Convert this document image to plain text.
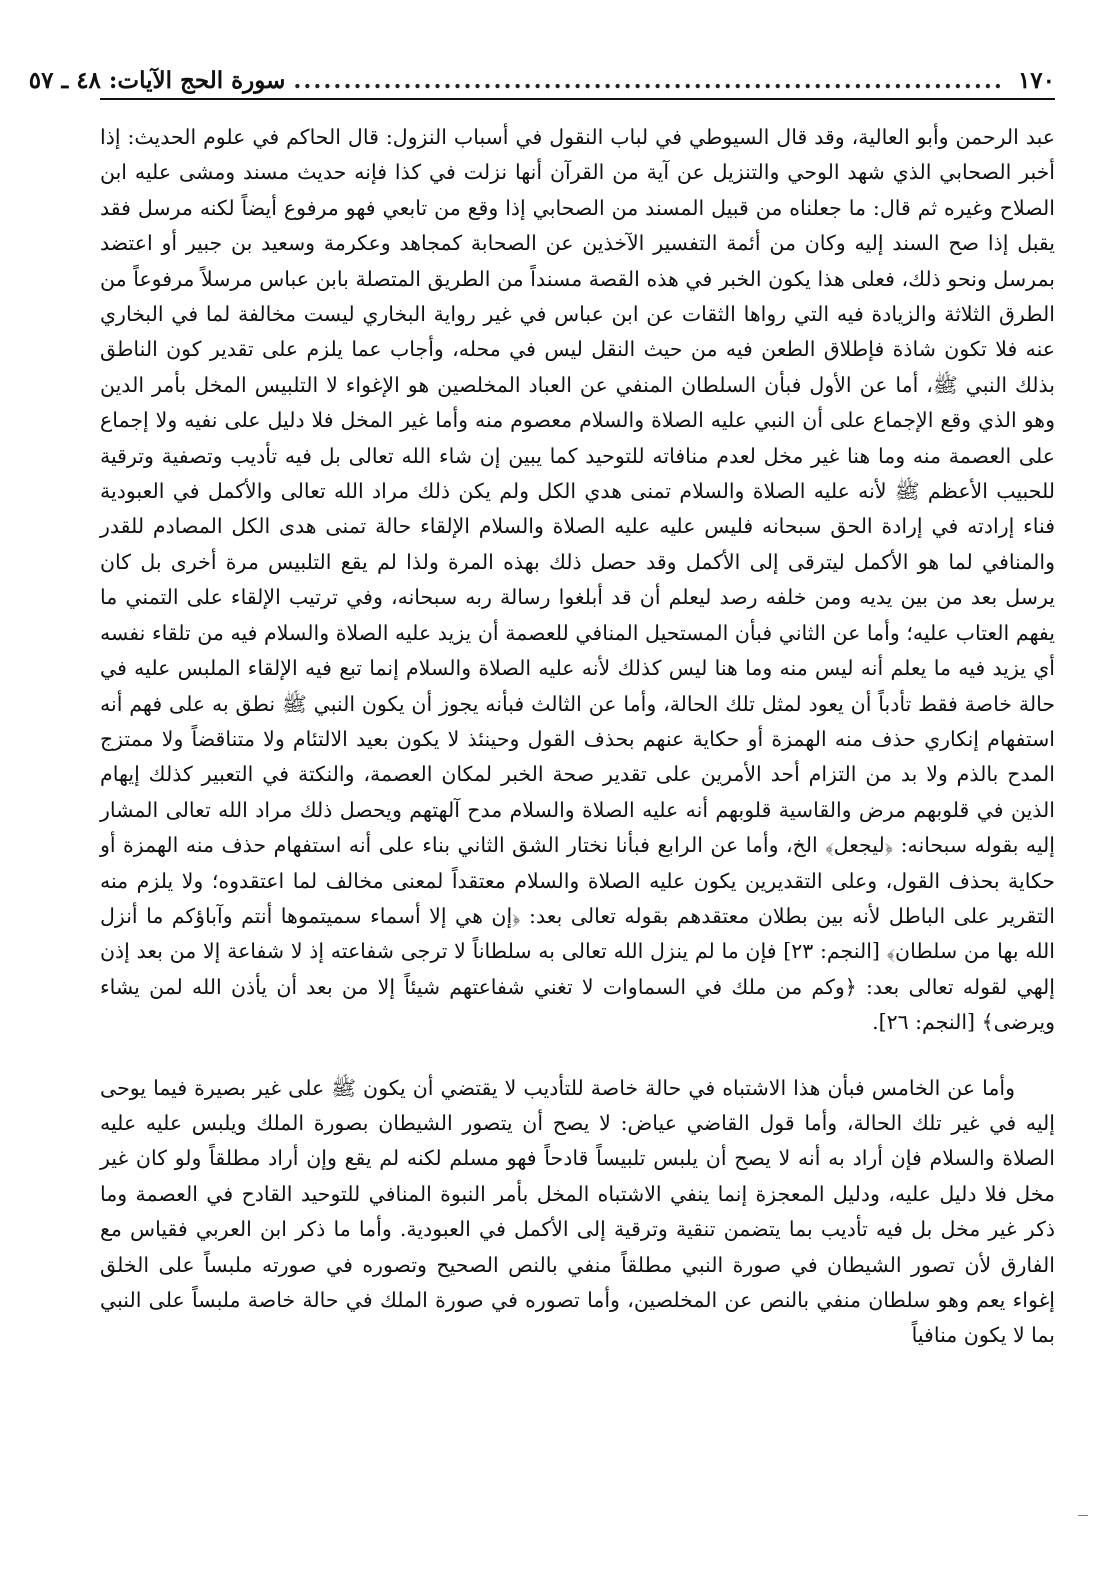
١٧٠
.......................................................................
سورة الحج الآيات: ٤٨ ـ ٥٧

عبد الرحمن وأبو العالية، وقد قال السيوطي في لباب النقول في أسباب النزول: قال الحاكم في علوم الحديث: إذا أخبر الصحابي الذي شهد الوحي والتنزيل عن آية من القرآن أنها نزلت في كذا فإنه حديث مسند ومشى عليه ابن الصلاح وغيره ثم قال: ما جعلناه من قبيل المسند من الصحابي إذا وقع من تابعي فهو مرفوع أيضاً لكنه مرسل فقد يقبل إذا صح السند إليه وكان من أئمة التفسير الآخذين عن الصحابة كمجاهد وعكرمة وسعيد بن جبير أو اعتضد بمرسل ونحو ذلك، فعلى هذا يكون الخبر في هذه القصة مسنداً من الطريق المتصلة بابن عباس مرسلاً مرفوعاً من الطرق الثلاثة والزيادة فيه التي رواها الثقات عن ابن عباس في غير رواية البخاري ليست مخالفة لما في البخاري عنه فلا تكون شاذة فإطلاق الطعن فيه من حيث النقل ليس في محله، وأجاب عما يلزم على تقدير كون الناطق بذلك النبي ﷺ، أما عن الأول فبأن السلطان المنفي عن العباد المخلصين هو الإغواء لا التلبيس المخل بأمر الدين وهو الذي وقع الإجماع على أن النبي عليه الصلاة والسلام معصوم منه وأما غير المخل فلا دليل على نفيه ولا إجماع على العصمة منه وما هنا غير مخل لعدم منافاته للتوحيد كما يبين إن شاء الله تعالى بل فيه تأديب وتصفية وترقية للحبيب الأعظم ﷺ لأنه عليه الصلاة والسلام تمنى هدي الكل ولم يكن ذلك مراد الله تعالى والأكمل في العبودية فناء إرادته في إرادة الحق سبحانه فليس عليه عليه الصلاة والسلام الإلقاء حالة تمنى هدى الكل المصادم للقدر والمنافي لما هو الأكمل ليترقى إلى الأكمل وقد حصل ذلك بهذه المرة ولذا لم يقع التلبيس مرة أخرى بل كان يرسل بعد من بين يديه ومن خلفه رصد ليعلم أن قد أبلغوا رسالة ربه سبحانه، وفي ترتيب الإلقاء على التمني ما يفهم العتاب عليه؛ وأما عن الثاني فبأن المستحيل المنافي للعصمة أن يزيد عليه الصلاة والسلام فيه من تلقاء نفسه أي يزيد فيه ما يعلم أنه ليس منه وما هنا ليس كذلك لأنه عليه الصلاة والسلام إنما تبع فيه الإلقاء الملبس عليه في حالة خاصة فقط تأدباً أن يعود لمثل تلك الحالة، وأما عن الثالث فبأنه يجوز أن يكون النبي ﷺ نطق به على فهم أنه استفهام إنكاري حذف منه الهمزة أو حكاية عنهم بحذف القول وحينئذ لا يكون بعيد الالتئام ولا متناقضاً ولا ممتزج المدح بالذم ولا بد من التزام أحد الأمرين على تقدير صحة الخبر لمكان العصمة، والنكتة في التعبير كذلك إيهام الذين في قلوبهم مرض والقاسية قلوبهم أنه عليه الصلاة والسلام مدح آلهتهم ويحصل ذلك مراد الله تعالى المشار إليه بقوله سبحانه: ﴿ليجعل﴾ الخ، وأما عن الرابع فبأنا نختار الشق الثاني بناء على أنه استفهام حذف منه الهمزة أو حكاية بحذف القول، وعلى التقديرين يكون عليه الصلاة والسلام معتقداً لمعنى مخالف لما اعتقدوه؛ ولا يلزم منه التقرير على الباطل لأنه بين بطلان معتقدهم بقوله تعالى بعد: ﴿إن هي إلا أسماء سميتموها أنتم وآباؤكم ما أنزل الله بها من سلطان﴾ [النجم: ٢٣] فإن ما لم ينزل الله تعالى به سلطاناً لا ترجى شفاعته إذ لا شفاعة إلا من بعد إذن إلهي لقوله تعالى بعد: ﴿وكم من ملك في السماوات لا تغني شفاعتهم شيئاً إلا من بعد أن يأذن الله لمن يشاء ويرضى﴾ [النجم: ٢٦].

وأما عن الخامس فبأن هذا الاشتباه في حالة خاصة للتأديب لا يقتضي أن يكون ﷺ على غير بصيرة فيما يوحى إليه في غير تلك الحالة، وأما قول القاضي عياض: لا يصح أن يتصور الشيطان بصورة الملك ويلبس عليه عليه الصلاة والسلام فإن أراد به أنه لا يصح أن يلبس تلبيساً قادحاً فهو مسلم لكنه لم يقع وإن أراد مطلقاً ولو كان غير مخل فلا دليل عليه، ودليل المعجزة إنما ينفي الاشتباه المخل بأمر النبوة المنافي للتوحيد القادح في العصمة وما ذكر غير مخل بل فيه تأديب بما يتضمن تنقية وترقية إلى الأكمل في العبودية. وأما ما ذكر ابن العربي فقياس مع الفارق لأن تصور الشيطان في صورة النبي مطلقاً منفي بالنص الصحيح وتصوره في صورته ملبساً على الخلق إغواء يعم وهو سلطان منفي بالنص عن المخلصين، وأما تصوره في صورة الملك في حالة خاصة ملبساً على النبي بما لا يكون منافياً
